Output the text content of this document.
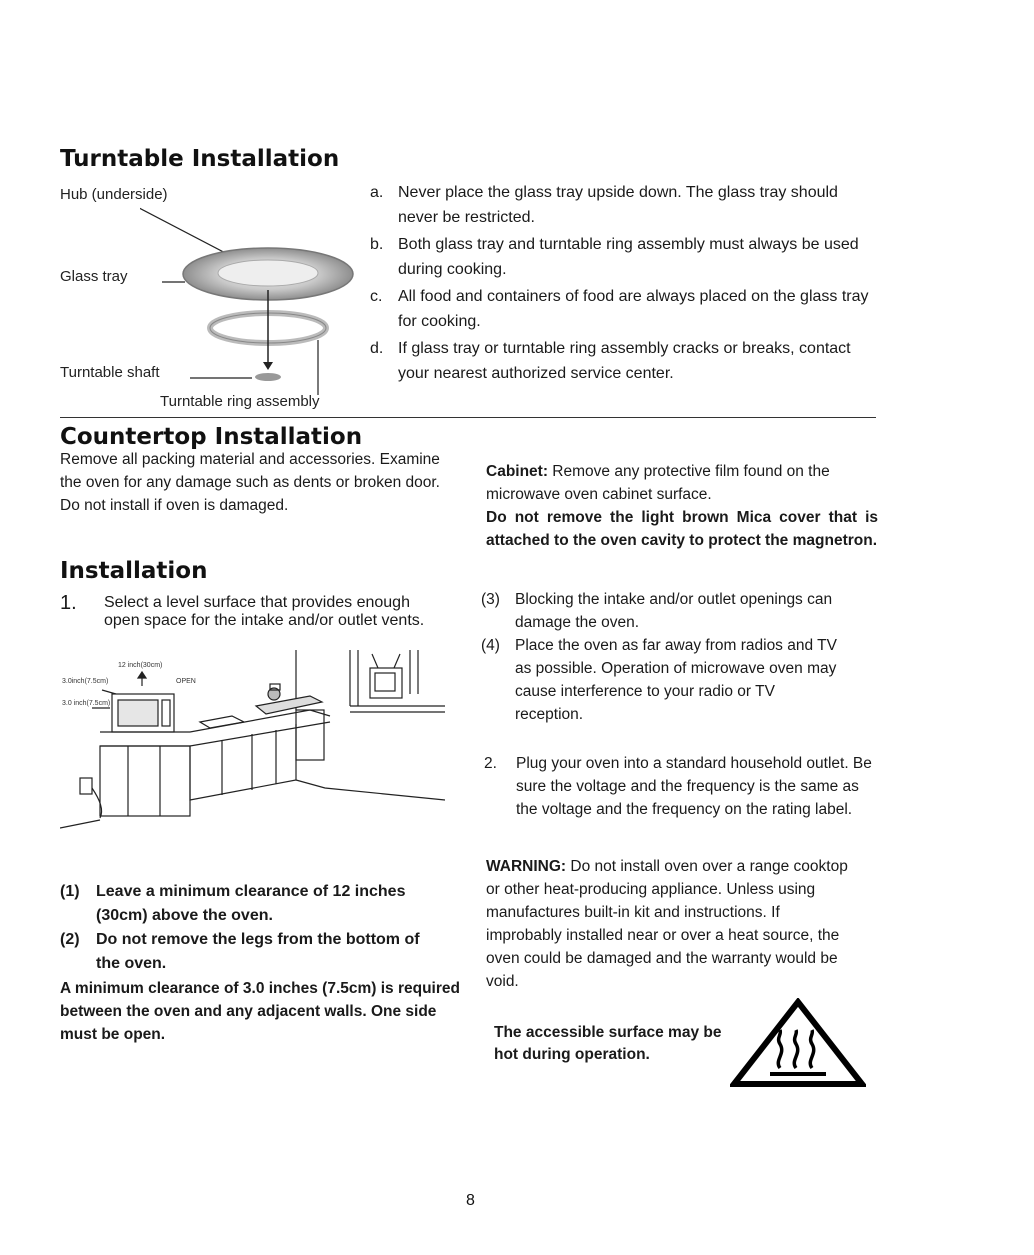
Turntable Installation
Hub (underside)
Glass tray
Turntable shaft
Turntable ring assembly
a. Never place the glass tray upside down. The glass tray should never be restricted.
b. Both glass tray and turntable ring assembly must always be used during cooking.
c. All food and containers of food are always placed on the glass tray for cooking.
d. If glass tray or turntable ring assembly cracks or breaks, contact your nearest authorized service center.
Countertop Installation

Remove all packing material and accessories. Examine the oven for any damage such as dents or broken door. Do not install if oven is damaged.

Cabinet: Remove any protective film found on the microwave oven cabinet surface.

Do not remove the light brown Mica cover that is attached to the oven cavity to protect the magnetron.

Installation
1.	Select a level surface that provides enough open space for the intake and/or outlet vents.
12 inch(30cm)
3.0inch(7.5cm)	OPEN
3.0 inch(7.5cm)
(1)	Leave a minimum clearance of 12 inches (30cm) above the oven.
(2)	Do not remove the legs from the bottom of the oven.

A minimum clearance of 3.0 inches (7.5cm) is required between the oven and any adjacent walls. One side must be open.

(3) Blocking the intake and/or outlet openings can damage the oven.
(4) Place the oven as far away from radios and TV as possible. Operation of microwave oven may cause interference to your radio or TV reception.
2.	Plug your oven into a standard household outlet. Be sure the voltage and the frequency is the same as the voltage and the frequency on the rating label.

WARNING: Do not install oven over a range cooktop or other heat-producing appliance. Unless using manufactures built-in kit and instructions. If improbably installed near or over a heat source, the oven could be damaged and the warranty would be void.

The accessible surface may be hot during operation.

8
